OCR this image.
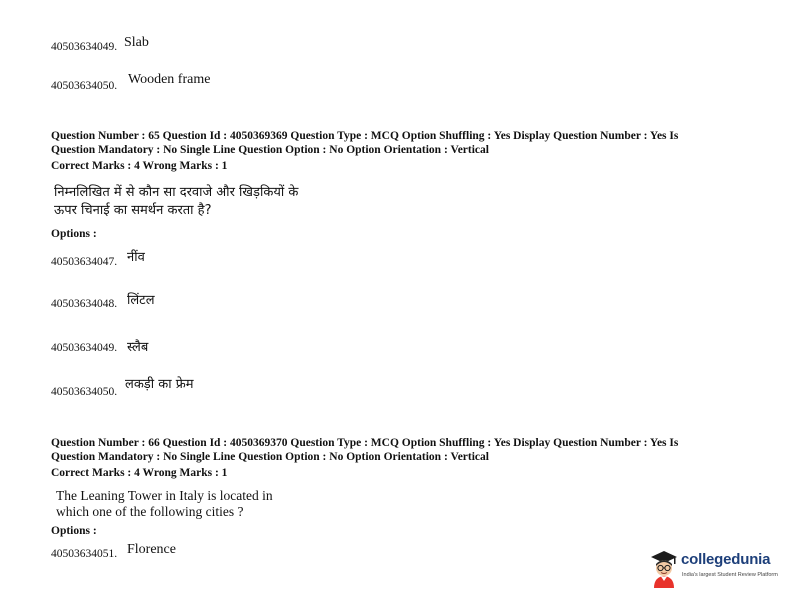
40503634049. Slab
40503634050. Wooden frame
Question Number : 65 Question Id : 4050369369 Question Type : MCQ Option Shuffling : Yes Display Question Number : Yes Is
Question Mandatory : No Single Line Question Option : No Option Orientation : Vertical
Correct Marks : 4 Wrong Marks : 1
निम्नलिखित में से कौन सा दरवाजे और खिड़कियों के
ऊपर चिनाई का समर्थन करता है?
Options :
40503634047. नींव
40503634048. लिंटल
40503634049. स्लैब
40503634050. लकड़ी का फ्रेम
Question Number : 66 Question Id : 4050369370 Question Type : MCQ Option Shuffling : Yes Display Question Number : Yes Is
Question Mandatory : No Single Line Question Option : No Option Orientation : Vertical
Correct Marks : 4 Wrong Marks : 1
The Leaning Tower in Italy is located in
which one of the following cities ?
Options :
40503634051. Florence
collegedunia
India's largest Student Review Platform
